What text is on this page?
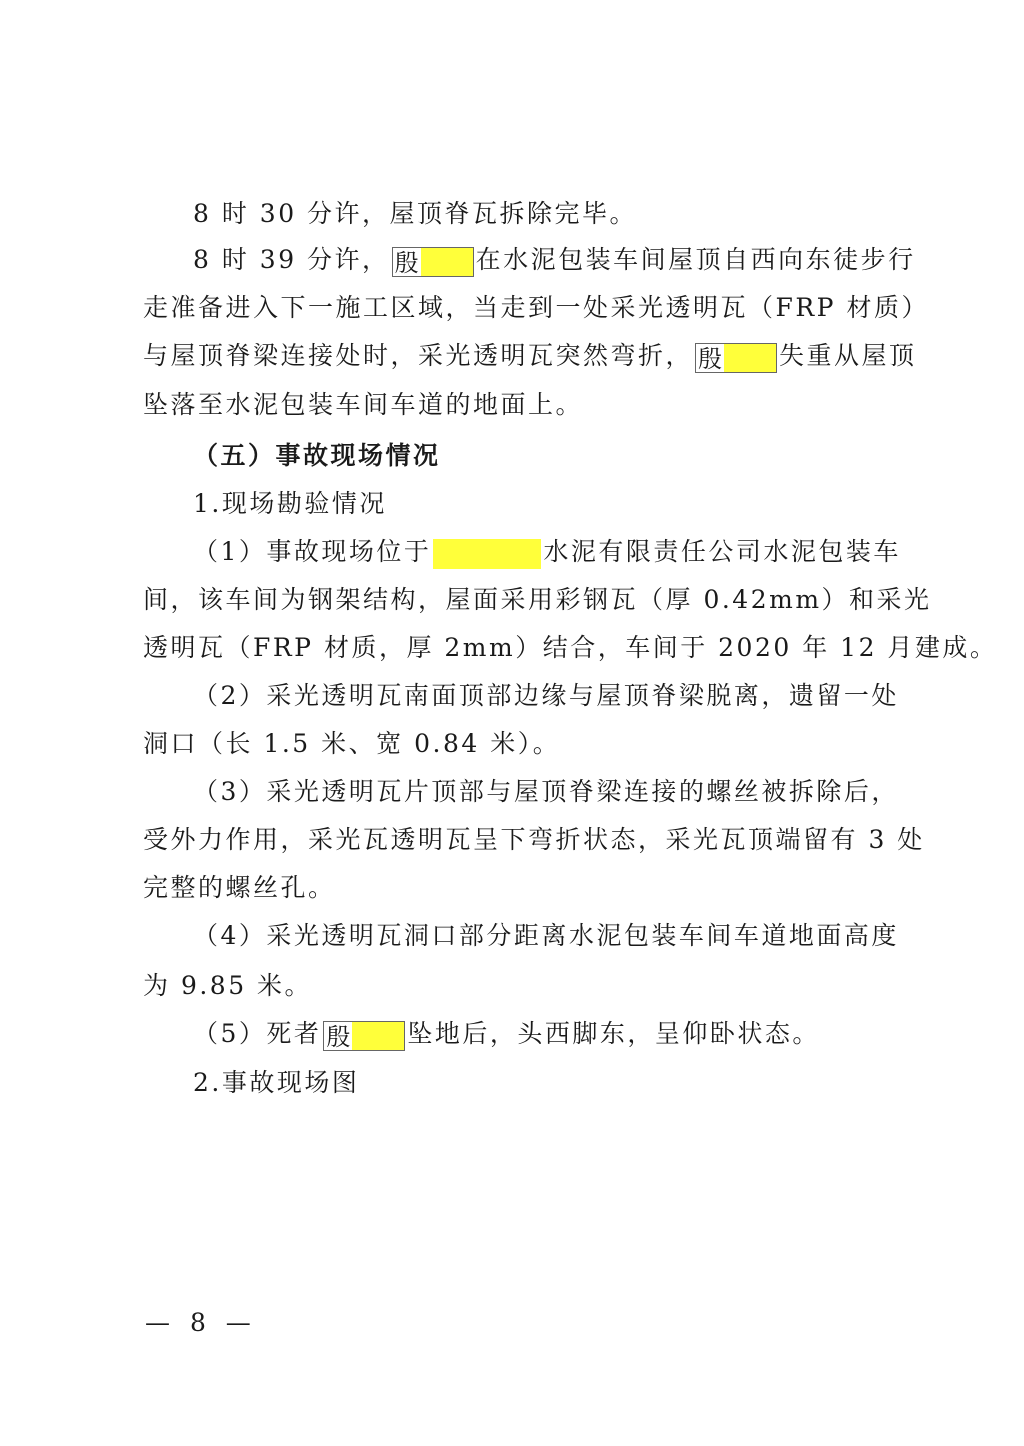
8 时 30 分许，屋顶脊瓦拆除完毕。
8 时 39 分许， 殷 在水泥包装车间屋顶自西向东徒步行
走准备进入下一施工区域，当走到一处采光透明瓦（FRP 材质）
与屋顶脊梁连接处时，采光透明瓦突然弯折， 殷 失重从屋顶
坠落至水泥包装车间车道的地面上。
（五）事故现场情况
1.现场勘验情况
（1）事故现场位于	水泥有限责任公司水泥包装车
间，该车间为钢架结构，屋面采用彩钢瓦（厚 0.42mm）和采光
透明瓦（FRP 材质，厚 2mm）结合，车间于 2020 年 12 月建成。
（2）采光透明瓦南面顶部边缘与屋顶脊梁脱离，遗留一处
洞口（长 1.5 米、宽 0.84 米）。
（3）采光透明瓦片顶部与屋顶脊梁连接的螺丝被拆除后，
受外力作用，采光瓦透明瓦呈下弯折状态，采光瓦顶端留有 3 处
完整的螺丝孔。
（4）采光透明瓦洞口部分距离水泥包装车间车道地面高度
为 9.85 米。
（5）死者 殷 坠地后，头西脚东，呈仰卧状态。
2.事故现场图
— 8 —
